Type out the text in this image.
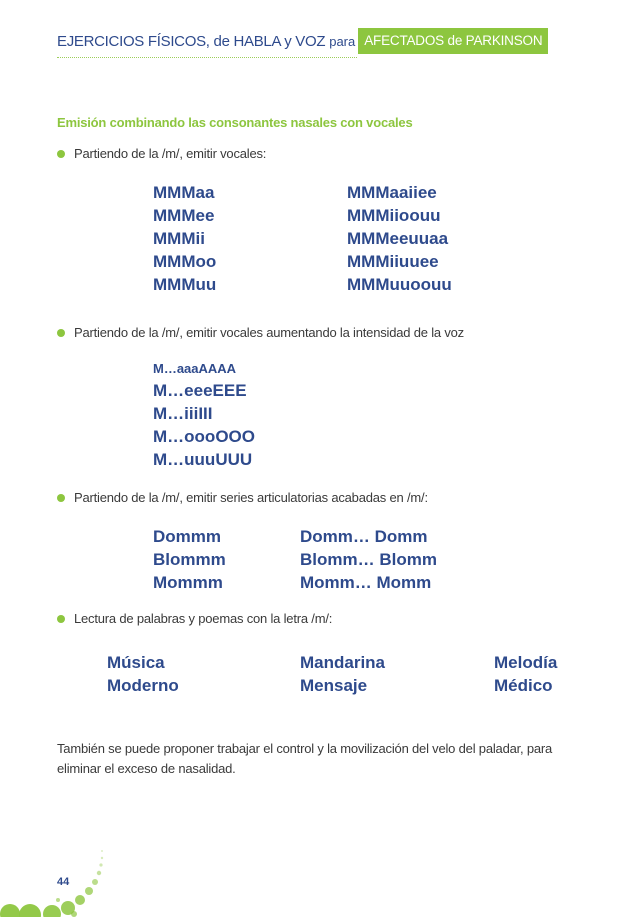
EJERCICIOS FÍSICOS, de HABLA y VOZ para AFECTADOS de PARKINSON
Emisión combinando las consonantes nasales con vocales
Partiendo de la /m/, emitir vocales:
MMMaa
MMMee
MMMii
MMMoo
MMMuu
MMMaaiiee
MMMiioouu
MMMeeuuaa
MMMiiuuee
MMMuuoouu
Partiendo de la /m/, emitir vocales aumentando la intensidad de la voz
M…aaaAAAA
M…eeeEEE
M…iiiIII
M…oooOOO
M…uuuUUU
Partiendo de la /m/, emitir series articulatorias acabadas en /m/:
Dommm
Blommm
Mommm
Domm… Domm
Blomm… Blomm
Momm… Momm
Lectura de palabras y poemas con la letra /m/:
Música
Moderno
Mandarina
Mensaje
Melodía
Médico
También se puede proponer trabajar el control y la movilización del velo del paladar, para eliminar el exceso de nasalidad.
44
